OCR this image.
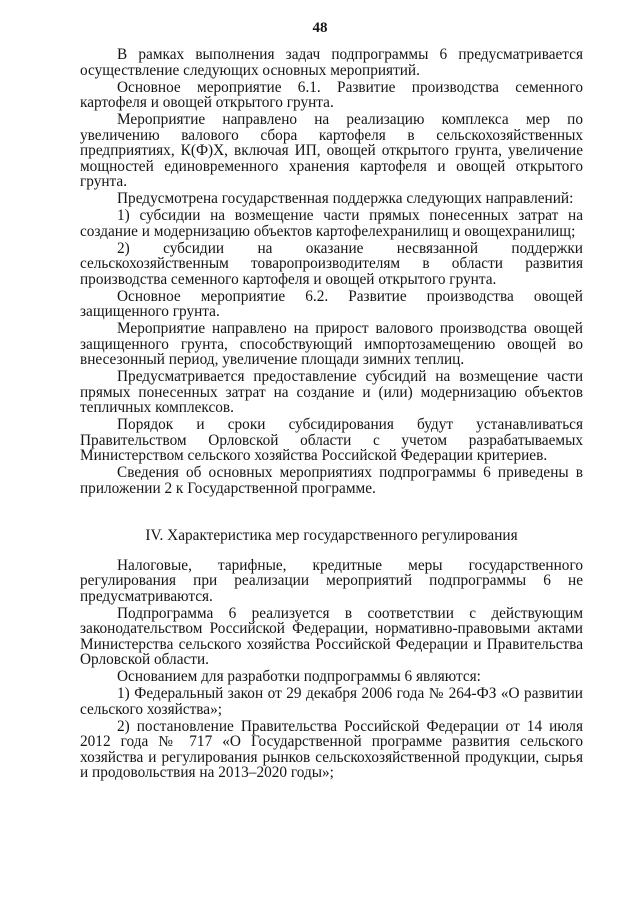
48

В рамках выполнения задач подпрограммы 6 предусматривается осуществление следующих основных мероприятий.

Основное мероприятие 6.1. Развитие производства семенного картофеля и овощей открытого грунта.

Мероприятие направлено на реализацию комплекса мер по увеличению валового сбора картофеля в сельскохозяйственных предприятиях, К(Ф)Х, включая ИП, овощей открытого грунта, увеличение мощностей единовременного хранения картофеля и овощей открытого грунта.

Предусмотрена государственная поддержка следующих направлений:

1) субсидии на возмещение части прямых понесенных затрат на создание и модернизацию объектов картофелехранилищ и овощехранилищ;

2) субсидии на оказание несвязанной поддержки сельскохозяйственным товаропроизводителям в области развития производства семенного картофеля и овощей открытого грунта.

Основное мероприятие 6.2. Развитие производства овощей защищенного грунта.

Мероприятие направлено на прирост валового производства овощей защищенного грунта, способствующий импортозамещению овощей во внесезонный период, увеличение площади зимних теплиц.

Предусматривается предоставление субсидий на возмещение части прямых понесенных затрат на создание и (или) модернизацию объектов тепличных комплексов.

Порядок и сроки субсидирования будут устанавливаться Правительством Орловской области с учетом разрабатываемых Министерством сельского хозяйства Российской Федерации критериев.

Сведения об основных мероприятиях подпрограммы 6 приведены в приложении 2 к Государственной программе.

IV. Характеристика мер государственного регулирования

Налоговые, тарифные, кредитные меры государственного регулирования при реализации мероприятий подпрограммы 6 не предусматриваются.

Подпрограмма 6 реализуется в соответствии с действующим законодательством Российской Федерации, нормативно-правовыми актами Министерства сельского хозяйства Российской Федерации и Правительства Орловской области.

Основанием для разработки подпрограммы 6 являются:

1) Федеральный закон от 29 декабря 2006 года № 264-ФЗ «О развитии сельского хозяйства»;

2) постановление Правительства Российской Федерации от 14 июля 2012 года № 717 «О Государственной программе развития сельского хозяйства и регулирования рынков сельскохозяйственной продукции, сырья и продовольствия на 2013–2020 годы»;
